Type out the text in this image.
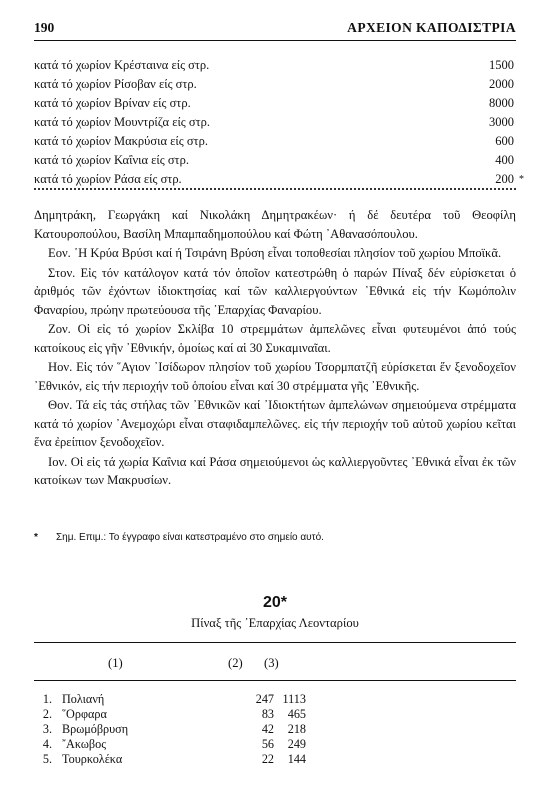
190	ΑΡΧΕΙΟΝ ΚΑΠΟΔΙΣΤΡΙΑ
κατά τό χωρίον Κρέσταινα είς στρ.	1500
κατά τό χωρίον Ρίσοβαν είς στρ.	2000
κατά τό χωρίον Βρίναν είς στρ.	8000
κατά τό χωρίον Μουντρίζα είς στρ.	3000
κατά τό χωρίον Μακρύσια είς στρ.	600
κατά τό χωρίον Καΐνια είς στρ.	400
κατά τό χωρίον Ράσα είς στρ.	200 *

Δημητράκη, Γεωργάκη καί Νικολάκη Δημητρακέων· ή δέ δευτέρα τοῦ Θεοφίλη Κατουροπούλου, Βασίλη Μπαμπαδημοπούλου καί Φώτη ᾿Αθανασόπουλου.

Εον. ῾Η Κρύα Βρύσι καί ή Τσιράνη Βρύση εἶναι τοποθεσίαι πλησίον τοῦ χωρίου Μποϊκᾶ.

Στον. Εἰς τόν κατάλογον κατά τόν ὁποῖον κατεστρώθη ὁ παρών Πίναξ δέν εὑρίσκεται ὁ ἀριθμός τῶν ἐχόντων ἰδιοκτησίας καί τῶν καλλιεργούντων ᾿Εθνικά εἰς τήν Κωμόπολιν Φαναρίου, πρώην πρωτεύουσα τῆς ᾿Επαρχίας Φαναρίου.

Ζον. Οἱ εἰς τό χωρίον Σκλίβα 10 στρεμμάτων ἀμπελῶνες εἶναι φυτευμένοι ἀπό τούς κατοίκους εἰς γῆν ᾿Εθνικήν, ὁμοίως καί αἱ 30 Συκαμιναῖαι.

Ηον. Εἰς τόν ῞Αγιον ᾿Ισίδωρον πλησίον τοῦ χωρίου Τσορμπατζῆ εὑρίσκεται ἕν ξενοδοχεῖον ᾿Εθνικόν, εἰς τήν περιοχήν τοῦ ὁποίου εἶναι καί 30 στρέμματα γῆς ᾿Εθνικῆς.

Θον. Τά εἰς τάς στήλας τῶν ᾿Εθνικῶν καί ᾿Ιδιοκτήτων ἀμπελώνων σημειούμενα στρέμματα κατά τό χωρίον ᾿Ανεμοχώρι εἶναι σταφιδαμπελῶνες. εἰς τήν περιοχήν τοῦ αὐτοῦ χωρίου κεῖται ἕνα ἐρείπιον ξενοδοχεῖον.

Ιον. Οἱ εἰς τά χωρία Καΐνια καί Ράσα σημειούμενοι ὡς καλλιεργοῦντες ᾿Εθνικά εἶναι ἐκ τῶν κατοίκων των Μακρυσίων.

* Σημ. Επιμ.: Το έγγραφο είναι κατεστραμένο στο σημείο αυτό.
20*
Πίναξ τῆς ᾿Επαρχίας Λεονταρίου
(1)	(2) (3)
1. Πολιανή	247 1113
2. ῞Ορφαρα	83 465
3. Βρωμόβρυση	42 218
4. ῎Ακωβος	56 249
5. Τουρκολέκα	22 144
